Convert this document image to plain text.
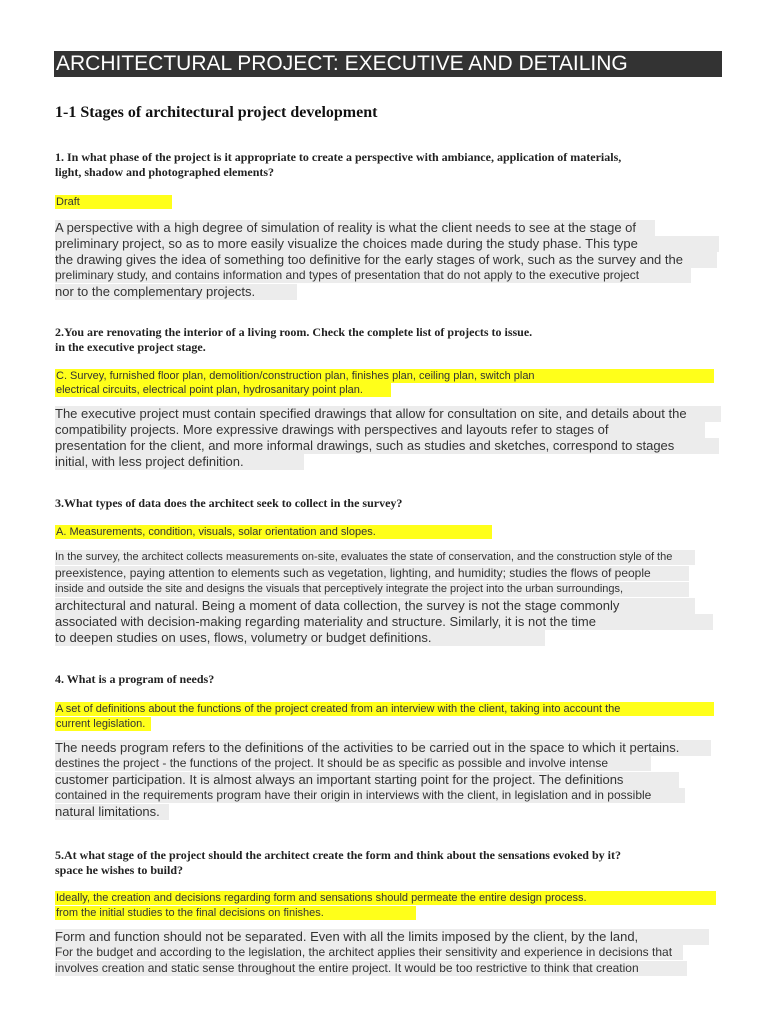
ARCHITECTURAL PROJECT: EXECUTIVE AND DETAILING
1-1 Stages of architectural project development
1. In what phase of the project is it appropriate to create a perspective with ambiance, application of materials,
light, shadow and photographed elements?
Draft
A perspective with a high degree of simulation of reality is what the client needs to see at the stage of
preliminary project, so as to more easily visualize the choices made during the study phase. This type
the drawing gives the idea of something too definitive for the early stages of work, such as the survey and the
preliminary study, and contains information and types of presentation that do not apply to the executive project
nor to the complementary projects.
2.You are renovating the interior of a living room. Check the complete list of projects to issue.
in the executive project stage.
C. Survey, furnished floor plan, demolition/construction plan, finishes plan, ceiling plan, switch plan
electrical circuits, electrical point plan, hydrosanitary point plan.
The executive project must contain specified drawings that allow for consultation on site, and details about the
compatibility projects. More expressive drawings with perspectives and layouts refer to stages of
presentation for the client, and more informal drawings, such as studies and sketches, correspond to stages
initial, with less project definition.
3.What types of data does the architect seek to collect in the survey?
A. Measurements, condition, visuals, solar orientation and slopes.
In the survey, the architect collects measurements on-site, evaluates the state of conservation, and the construction style of the
preexistence, paying attention to elements such as vegetation, lighting, and humidity; studies the flows of people
inside and outside the site and designs the visuals that perceptively integrate the project into the urban surroundings,
architectural and natural. Being a moment of data collection, the survey is not the stage commonly
associated with decision-making regarding materiality and structure. Similarly, it is not the time
to deepen studies on uses, flows, volumetry or budget definitions.
4. What is a program of needs?
A set of definitions about the functions of the project created from an interview with the client, taking into account the
current legislation.
The needs program refers to the definitions of the activities to be carried out in the space to which it pertains.
destines the project - the functions of the project. It should be as specific as possible and involve intense
customer participation. It is almost always an important starting point for the project. The definitions
contained in the requirements program have their origin in interviews with the client, in legislation and in possible
natural limitations.
5.At what stage of the project should the architect create the form and think about the sensations evoked by it?
space he wishes to build?
Ideally, the creation and decisions regarding form and sensations should permeate the entire design process.
from the initial studies to the final decisions on finishes.
Form and function should not be separated. Even with all the limits imposed by the client, by the land,
For the budget and according to the legislation, the architect applies their sensitivity and experience in decisions that
involves creation and static sense throughout the entire project. It would be too restrictive to think that creation
